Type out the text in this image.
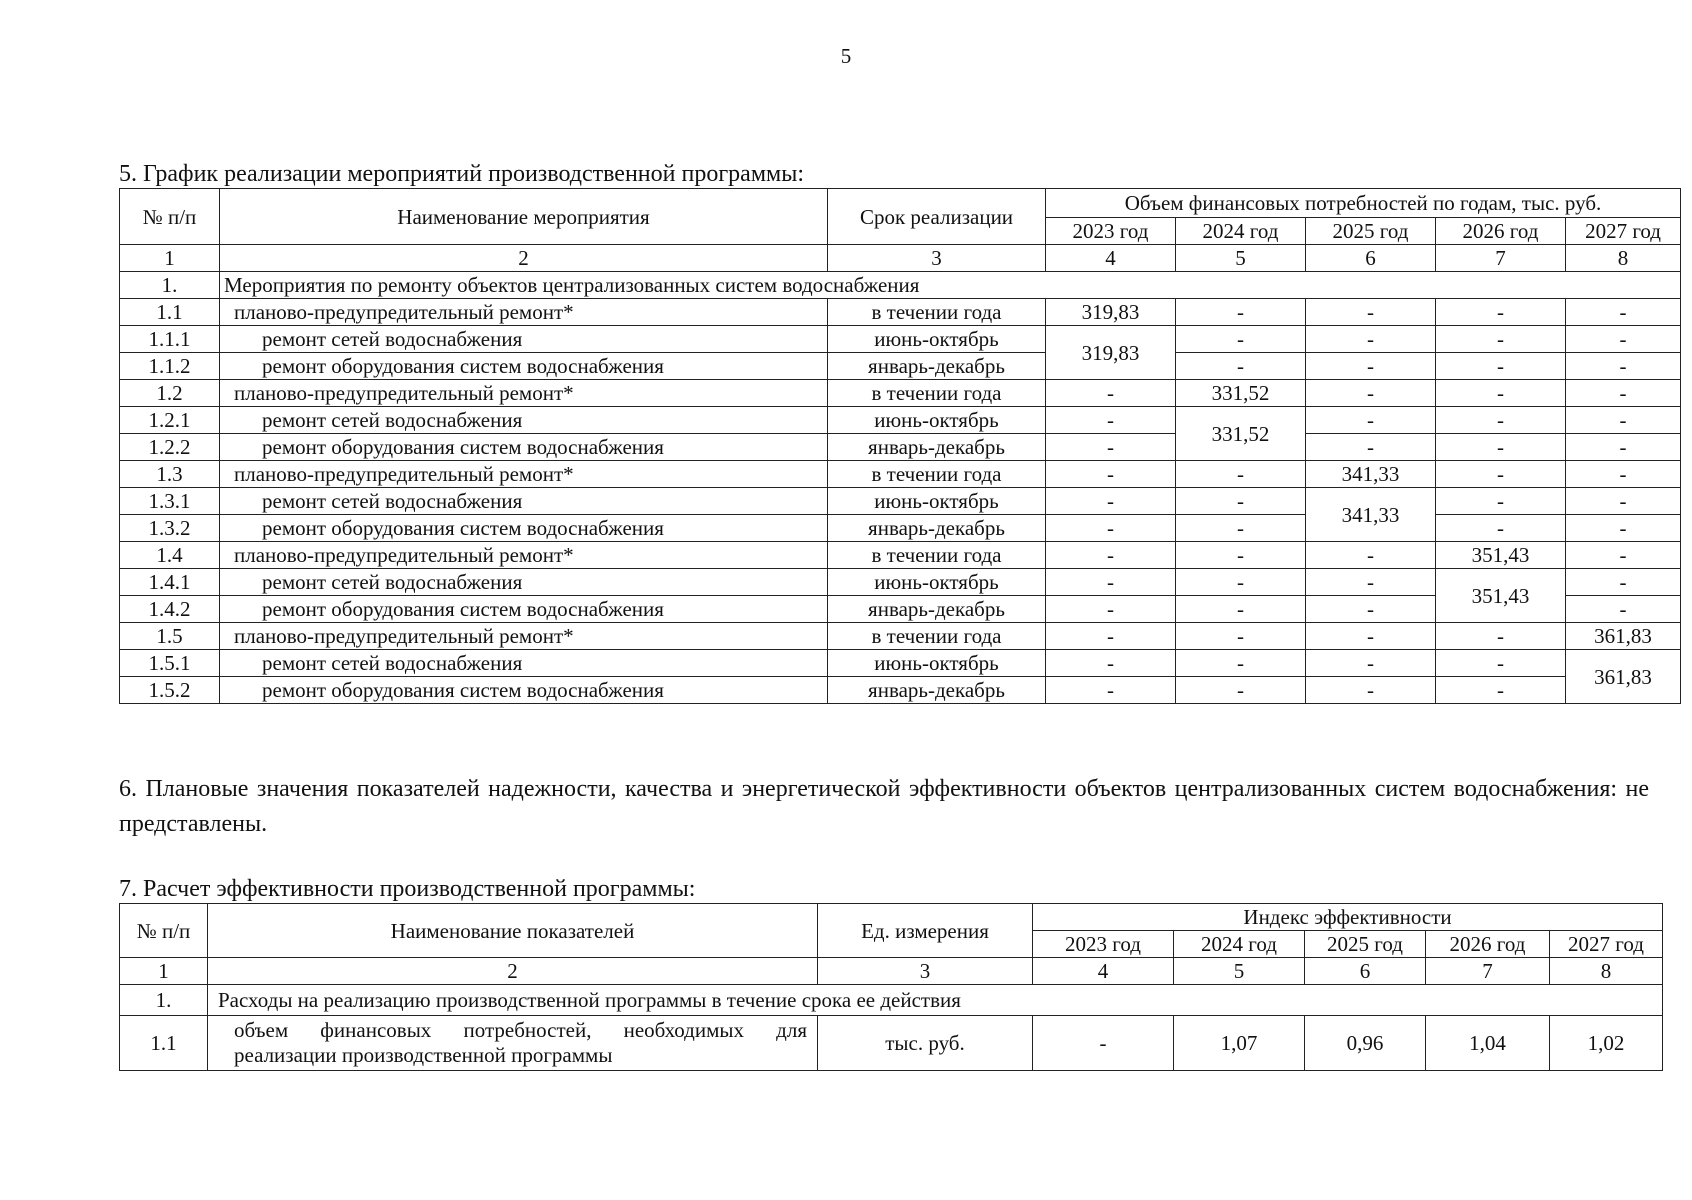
5
5. График реализации мероприятий производственной программы:
№ п/п	Наименование мероприятия	Срок реализации	Объем финансовых потребностей по годам, тыс. руб.				
			2023 год	2024 год	2025 год	2026 год	2027 год
1	2	3	4	5	6	7	8
1.	Мероприятия по ремонту объектов централизованных систем водоснабжения						
1.1	планово-предупредительный ремонт*	в течении года	319,83	-	-	-	-
1.1.1	ремонт сетей водоснабжения	июнь-октябрь	319,83	-	-	-	-
1.1.2	ремонт оборудования систем водоснабжения	январь-декабрь		-	-	-	-
1.2	планово-предупредительный ремонт*	в течении года	-	331,52	-	-	-
1.2.1	ремонт сетей водоснабжения	июнь-октябрь	-	331,52	-	-	-
1.2.2	ремонт оборудования систем водоснабжения	январь-декабрь	-		-	-	-
1.3	планово-предупредительный ремонт*	в течении года	-	-	341,33	-	-
1.3.1	ремонт сетей водоснабжения	июнь-октябрь	-	-	341,33	-	-
1.3.2	ремонт оборудования систем водоснабжения	январь-декабрь	-	-		-	-
1.4	планово-предупредительный ремонт*	в течении года	-	-	-	351,43	-
1.4.1	ремонт сетей водоснабжения	июнь-октябрь	-	-	-	351,43	-
1.4.2	ремонт оборудования систем водоснабжения	январь-декабрь	-	-	-		-
1.5	планово-предупредительный ремонт*	в течении года	-	-	-	-	361,83
1.5.1	ремонт сетей водоснабжения	июнь-октябрь	-	-	-	-	361,83
1.5.2	ремонт оборудования систем водоснабжения	январь-декабрь	-	-	-	-	
6. Плановые значения показателей надежности, качества и энергетической эффективности объектов централизованных систем водоснабжения: не представлены.
7. Расчет эффективности производственной программы:
№ п/п	Наименование показателей	Ед. измерения	Индекс эффективности				
			2023 год	2024 год	2025 год	2026 год	2027 год
1	2	3	4	5	6	7	8
1.	Расходы на реализацию производственной программы в течение срока ее действия						
1.1	объем финансовых потребностей, необходимых для реализации производственной программы	тыс. руб.	-	1,07	0,96	1,04	1,02
